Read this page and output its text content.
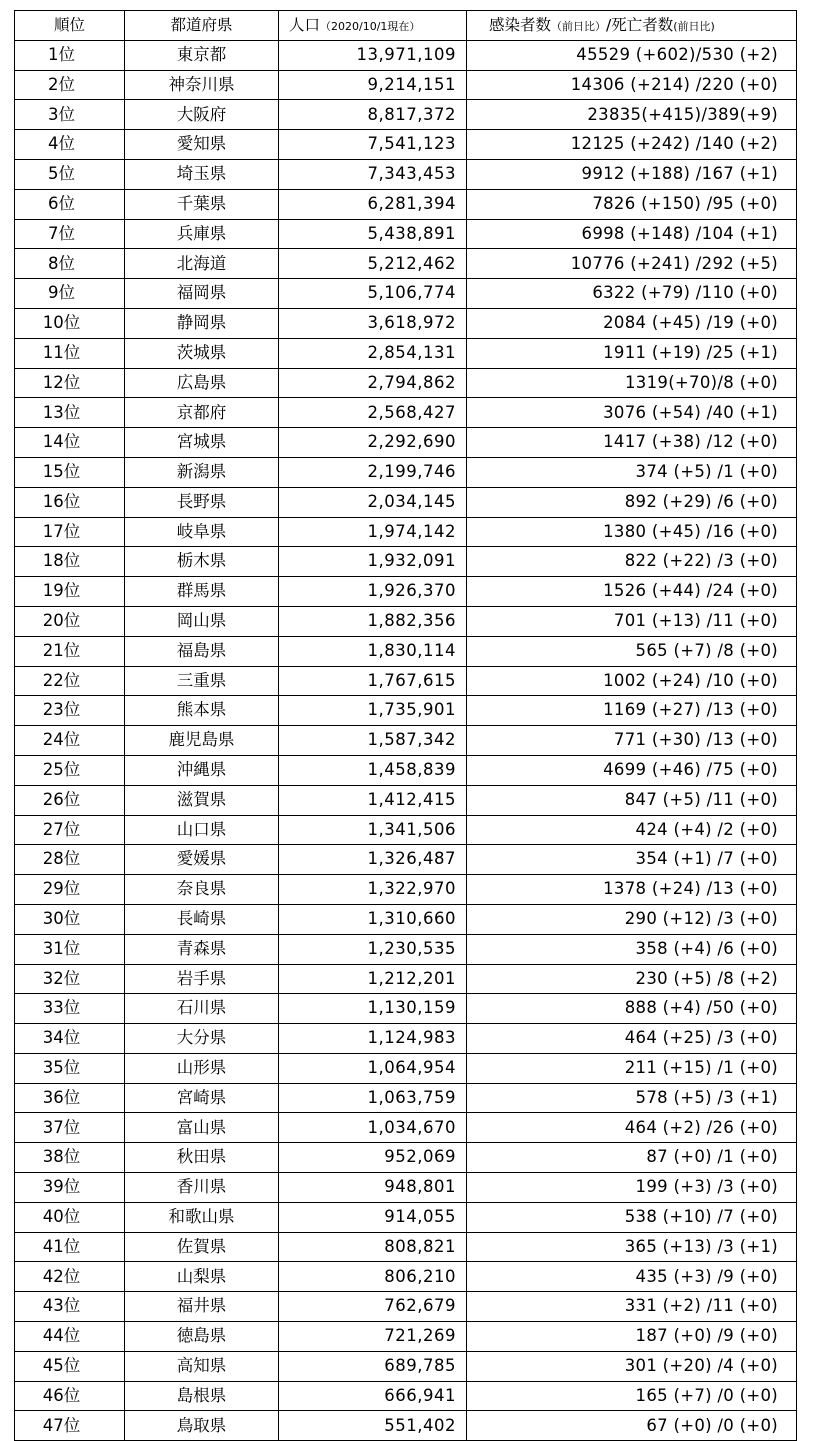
順位	都道府県	人口（2020/10/1現在）	感染者数（前日比）/死亡者数(前日比)
1位	東京都	13,971,109	45529 (+602)/530 (+2)
2位	神奈川県	9,214,151	14306 (+214) /220 (+0)
3位	大阪府	8,817,372	23835(+415)/389(+9)
4位	愛知県	7,541,123	12125 (+242) /140 (+2)
5位	埼玉県	7,343,453	9912 (+188) /167 (+1)
6位	千葉県	6,281,394	7826 (+150) /95 (+0)
7位	兵庫県	5,438,891	6998 (+148) /104 (+1)
8位	北海道	5,212,462	10776 (+241) /292 (+5)
9位	福岡県	5,106,774	6322 (+79) /110 (+0)
10位	静岡県	3,618,972	2084 (+45) /19 (+0)
11位	茨城県	2,854,131	1911 (+19) /25 (+1)
12位	広島県	2,794,862	1319(+70)/8 (+0)
13位	京都府	2,568,427	3076 (+54) /40 (+1)
14位	宮城県	2,292,690	1417 (+38) /12 (+0)
15位	新潟県	2,199,746	374 (+5) /1 (+0)
16位	長野県	2,034,145	892 (+29) /6 (+0)
17位	岐阜県	1,974,142	1380 (+45) /16 (+0)
18位	栃木県	1,932,091	822 (+22) /3 (+0)
19位	群馬県	1,926,370	1526 (+44) /24 (+0)
20位	岡山県	1,882,356	701 (+13) /11 (+0)
21位	福島県	1,830,114	565 (+7) /8 (+0)
22位	三重県	1,767,615	1002 (+24) /10 (+0)
23位	熊本県	1,735,901	1169 (+27) /13 (+0)
24位	鹿児島県	1,587,342	771 (+30) /13 (+0)
25位	沖縄県	1,458,839	4699 (+46) /75 (+0)
26位	滋賀県	1,412,415	847 (+5) /11 (+0)
27位	山口県	1,341,506	424 (+4) /2 (+0)
28位	愛媛県	1,326,487	354 (+1) /7 (+0)
29位	奈良県	1,322,970	1378 (+24) /13 (+0)
30位	長崎県	1,310,660	290 (+12) /3 (+0)
31位	青森県	1,230,535	358 (+4) /6 (+0)
32位	岩手県	1,212,201	230 (+5) /8 (+2)
33位	石川県	1,130,159	888 (+4) /50 (+0)
34位	大分県	1,124,983	464 (+25) /3 (+0)
35位	山形県	1,064,954	211 (+15) /1 (+0)
36位	宮崎県	1,063,759	578 (+5) /3 (+1)
37位	富山県	1,034,670	464 (+2) /26 (+0)
38位	秋田県	952,069	87 (+0) /1 (+0)
39位	香川県	948,801	199 (+3) /3 (+0)
40位	和歌山県	914,055	538 (+10) /7 (+0)
41位	佐賀県	808,821	365 (+13) /3 (+1)
42位	山梨県	806,210	435 (+3) /9 (+0)
43位	福井県	762,679	331 (+2) /11 (+0)
44位	徳島県	721,269	187 (+0) /9 (+0)
45位	高知県	689,785	301 (+20) /4 (+0)
46位	島根県	666,941	165 (+7) /0 (+0)
47位	鳥取県	551,402	67 (+0) /0 (+0)
